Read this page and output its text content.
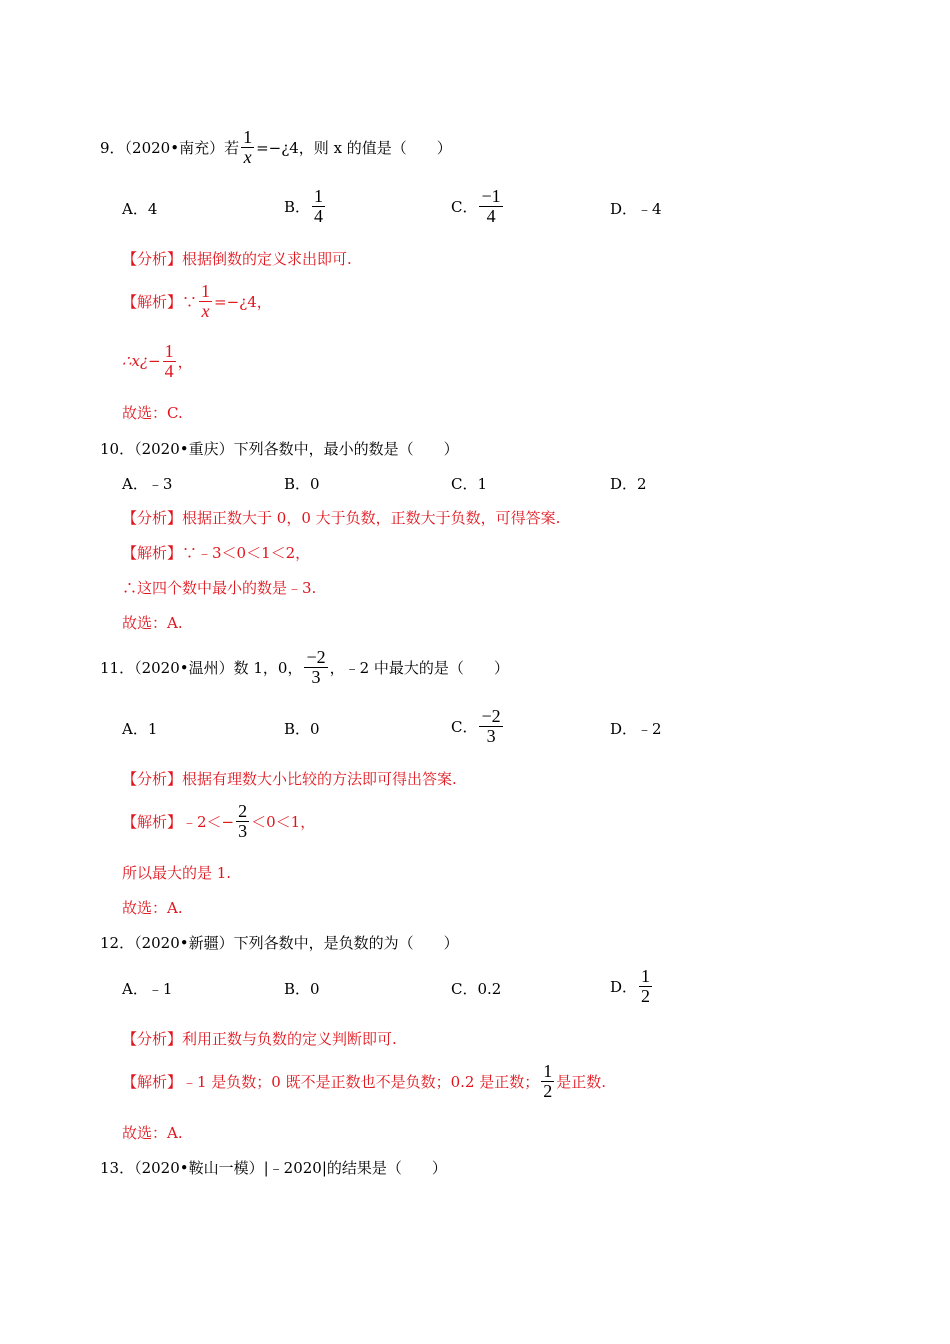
9．（2020•南充）若 $\frac{1}{x}$ =−¿4，则 x 的值是（　　）
A．4	B． $\frac{1}{4}$	C． $\frac{-1}{4}$	D．﹣4
【分析】根据倒数的定义求出即可.
【解析】∵ $\frac{1}{x}$ =−¿4，
∴x¿− $\frac{1}{4}$ ，
故选：C.
10．（2020•重庆）下列各数中，最小的数是（　　）
A．﹣3	B．0	C．1	D．2
【分析】根据正数大于 0，0 大于负数，正数大于负数，可得答案.
【解析】∵﹣3＜0＜1＜2，
∴这四个数中最小的数是﹣3.
故选：A.
11．（2020•温州）数 1，0， $\frac{-2}{3}$ ，﹣2 中最大的是（　　）
A．1	B．0	C． $\frac{-2}{3}$	D．﹣2
【分析】根据有理数大小比较的方法即可得出答案.
【解析】﹣2＜− $\frac{2}{3} <0<1$，
所以最大的是 1.
故选：A.
12．（2020•新疆）下列各数中，是负数的为（　　）
A．﹣1	B．0	C．0.2	D． $\frac{1}{2}$
【分析】利用正数与负数的定义判断即可.
【解析】﹣1 是负数；0 既不是正数也不是负数；0.2 是正数； $\frac{1}{2}$ 是正数.
故选：A.
13．（2020•鞍山一模）|﹣2020|的结果是（　　）
